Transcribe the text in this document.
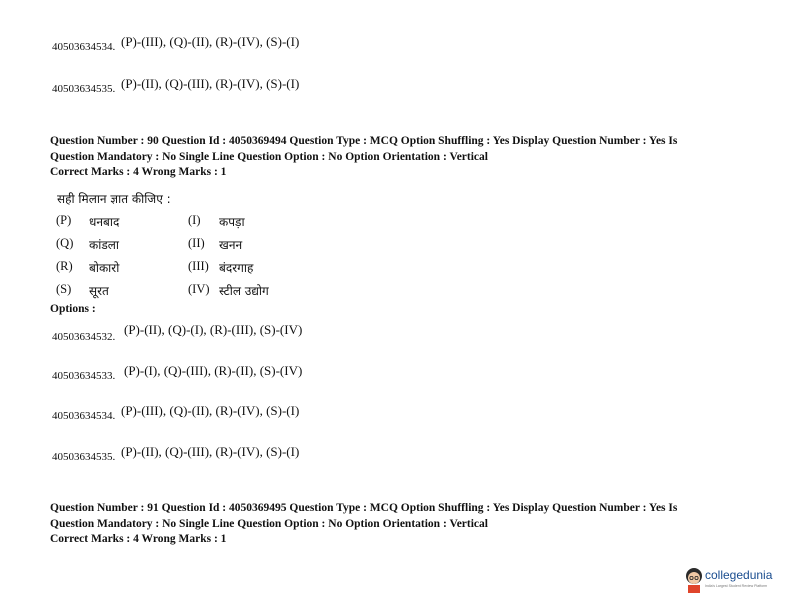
40503634534. (P)-(III), (Q)-(II), (R)-(IV), (S)-(I)
40503634535. (P)-(II), (Q)-(III), (R)-(IV), (S)-(I)
Question Number : 90 Question Id : 4050369494 Question Type : MCQ Option Shuffling : Yes Display Question Number : Yes Is
Question Mandatory : No Single Line Question Option : No Option Orientation : Vertical
Correct Marks : 4 Wrong Marks : 1
सही मिलान ज्ञात कीजिए :
(P) धनबाद	(I) कपड़ा
(Q) कांडला	(II) खनन
(R) बोकारो	(III) बंदरगाह
(S) सूरत	(IV) स्टील उद्योग
Options :
40503634532. (P)-(II), (Q)-(I), (R)-(III), (S)-(IV)
40503634533. (P)-(I), (Q)-(III), (R)-(II), (S)-(IV)
40503634534. (P)-(III), (Q)-(II), (R)-(IV), (S)-(I)
40503634535. (P)-(II), (Q)-(III), (R)-(IV), (S)-(I)
Question Number : 91 Question Id : 4050369495 Question Type : MCQ Option Shuffling : Yes Display Question Number : Yes Is
Question Mandatory : No Single Line Question Option : No Option Orientation : Vertical
Correct Marks : 4 Wrong Marks : 1
collegedunia
India's Largest Student Review Platform
